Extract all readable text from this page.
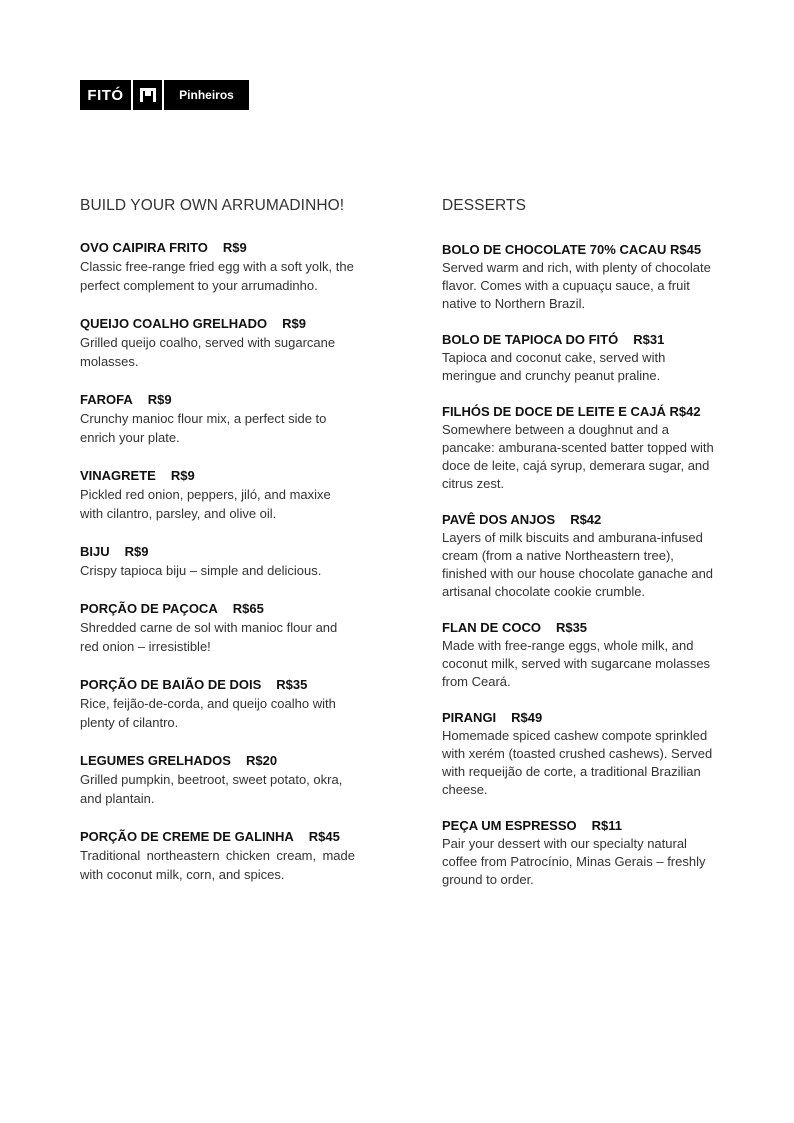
FITÓ	Pinheiros
BUILD YOUR OWN ARRUMADINHO!
OVO CAIPIRA FRITO R$9
Classic free-range fried egg with a soft yolk, the perfect complement to your arrumadinho.
QUEIJO COALHO GRELHADO R$9
Grilled queijo coalho, served with sugarcane molasses.
FAROFA R$9
Crunchy manioc flour mix, a perfect side to enrich your plate.
VINAGRETE R$9
Pickled red onion, peppers, jiló, and maxixe with cilantro, parsley, and olive oil.
BIJU R$9
Crispy tapioca biju – simple and delicious.
PORÇÃO DE PAÇOCA R$65
Shredded carne de sol with manioc flour and red onion – irresistible!
PORÇÃO DE BAIÃO DE DOIS R$35
Rice, feijão-de-corda, and queijo coalho with plenty of cilantro.
LEGUMES GRELHADOS R$20
Grilled pumpkin, beetroot, sweet potato, okra, and plantain.
PORÇÃO DE CREME DE GALINHA R$45
Traditional northeastern chicken cream, made with coconut milk, corn, and spices.
DESSERTS
BOLO DE CHOCOLATE 70% CACAU R$45
Served warm and rich, with plenty of chocolate flavor. Comes with a cupuaçu sauce, a fruit native to Northern Brazil.
BOLO DE TAPIOCA DO FITÓ R$31
Tapioca and coconut cake, served with meringue and crunchy peanut praline.
FILHÓS DE DOCE DE LEITE E CAJÁ R$42
Somewhere between a doughnut and a pancake: amburana-scented batter topped with doce de leite, cajá syrup, demerara sugar, and citrus zest.
PAVÊ DOS ANJOS R$42
Layers of milk biscuits and amburana-infused cream (from a native Northeastern tree), finished with our house chocolate ganache and artisanal chocolate cookie crumble.
FLAN DE COCO R$35
Made with free-range eggs, whole milk, and coconut milk, served with sugarcane molasses from Ceará.
PIRANGI R$49
Homemade spiced cashew compote sprinkled with xerém (toasted crushed cashews). Served with requeijão de corte, a traditional Brazilian cheese.
PEÇA UM ESPRESSO R$11
Pair your dessert with our specialty natural coffee from Patrocínio, Minas Gerais – freshly ground to order.
